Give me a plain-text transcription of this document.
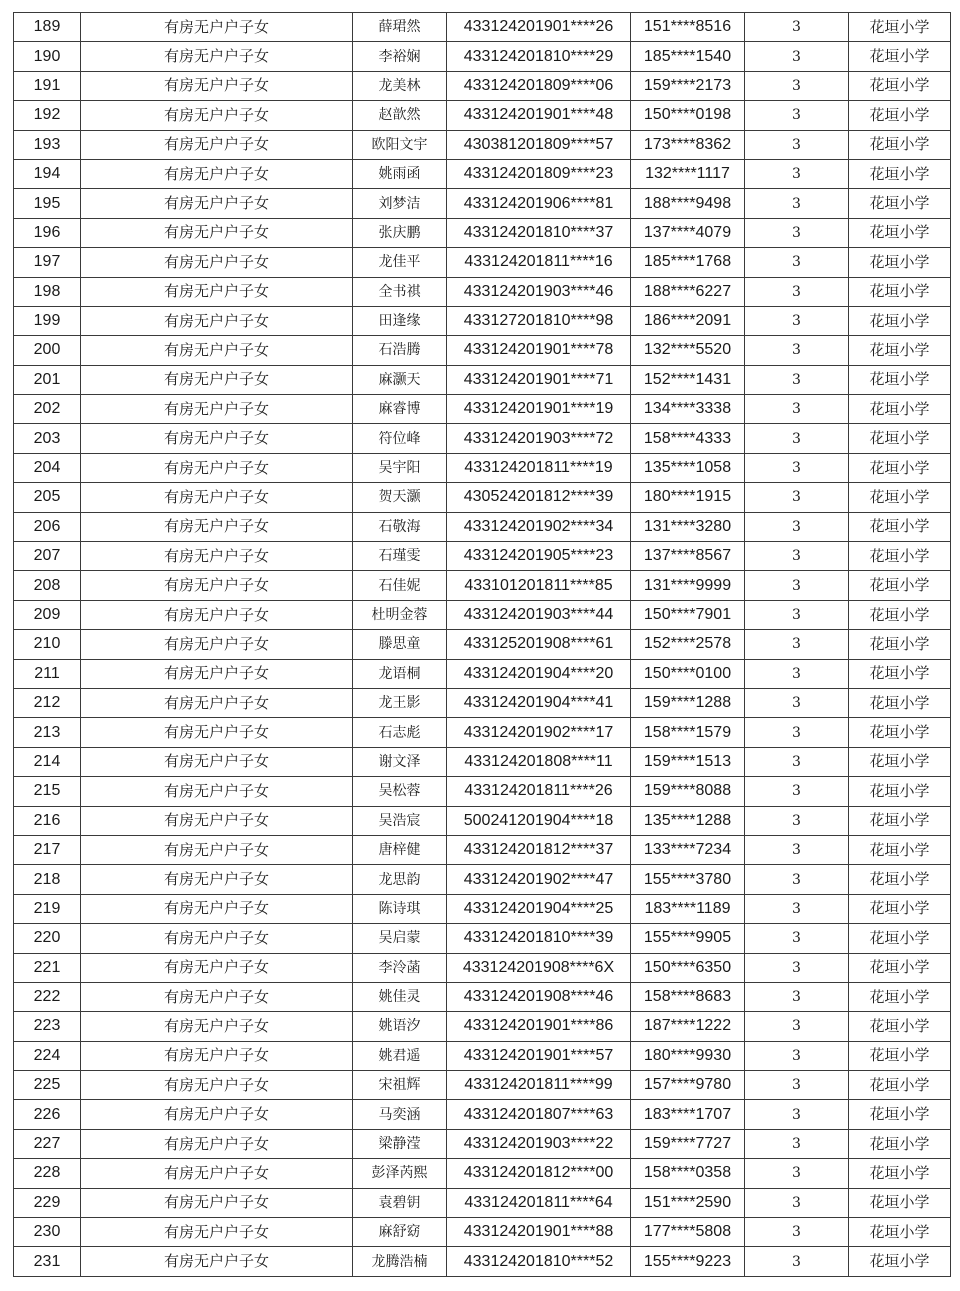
189	有房无户户子女	薛珺然	433124201901****26	151****8516	3	花垣小学
190	有房无户户子女	李裕娴	433124201810****29	185****1540	3	花垣小学
191	有房无户户子女	龙美林	433124201809****06	159****2173	3	花垣小学
192	有房无户户子女	赵歆然	433124201901****48	150****0198	3	花垣小学
193	有房无户户子女	欧阳文宇	430381201809****57	173****8362	3	花垣小学
194	有房无户户子女	姚雨函	433124201809****23	132****1117	3	花垣小学
195	有房无户户子女	刘梦洁	433124201906****81	188****9498	3	花垣小学
196	有房无户户子女	张庆鹏	433124201810****37	137****4079	3	花垣小学
197	有房无户户子女	龙佳平	433124201811****16	185****1768	3	花垣小学
198	有房无户户子女	全书祺	433124201903****46	188****6227	3	花垣小学
199	有房无户户子女	田逢缘	433127201810****98	186****2091	3	花垣小学
200	有房无户户子女	石浩腾	433124201901****78	132****5520	3	花垣小学
201	有房无户户子女	麻灏天	433124201901****71	152****1431	3	花垣小学
202	有房无户户子女	麻睿博	433124201901****19	134****3338	3	花垣小学
203	有房无户户子女	符位峰	433124201903****72	158****4333	3	花垣小学
204	有房无户户子女	吴宇阳	433124201811****19	135****1058	3	花垣小学
205	有房无户户子女	贺天灏	430524201812****39	180****1915	3	花垣小学
206	有房无户户子女	石敬海	433124201902****34	131****3280	3	花垣小学
207	有房无户户子女	石瑾雯	433124201905****23	137****8567	3	花垣小学
208	有房无户户子女	石佳妮	433101201811****85	131****9999	3	花垣小学
209	有房无户户子女	杜明金蓉	433124201903****44	150****7901	3	花垣小学
210	有房无户户子女	滕思童	433125201908****61	152****2578	3	花垣小学
211	有房无户户子女	龙语桐	433124201904****20	150****0100	3	花垣小学
212	有房无户户子女	龙王影	433124201904****41	159****1288	3	花垣小学
213	有房无户户子女	石志彪	433124201902****17	158****1579	3	花垣小学
214	有房无户户子女	谢文泽	433124201808****11	159****1513	3	花垣小学
215	有房无户户子女	吴松蓉	433124201811****26	159****8088	3	花垣小学
216	有房无户户子女	吴浩宸	500241201904****18	135****1288	3	花垣小学
217	有房无户户子女	唐梓健	433124201812****37	133****7234	3	花垣小学
218	有房无户户子女	龙思韵	433124201902****47	155****3780	3	花垣小学
219	有房无户户子女	陈诗琪	433124201904****25	183****1189	3	花垣小学
220	有房无户户子女	吴启蒙	433124201810****39	155****9905	3	花垣小学
221	有房无户户子女	李泠菡	433124201908****6X	150****6350	3	花垣小学
222	有房无户户子女	姚佳灵	433124201908****46	158****8683	3	花垣小学
223	有房无户户子女	姚语汐	433124201901****86	187****1222	3	花垣小学
224	有房无户户子女	姚君遥	433124201901****57	180****9930	3	花垣小学
225	有房无户户子女	宋祖辉	433124201811****99	157****9780	3	花垣小学
226	有房无户户子女	马奕涵	433124201807****63	183****1707	3	花垣小学
227	有房无户户子女	梁静滢	433124201903****22	159****7727	3	花垣小学
228	有房无户户子女	彭泽芮熙	433124201812****00	158****0358	3	花垣小学
229	有房无户户子女	袁碧钥	433124201811****64	151****2590	3	花垣小学
230	有房无户户子女	麻舒窈	433124201901****88	177****5808	3	花垣小学
231	有房无户户子女	龙腾浩楠	433124201810****52	155****9223	3	花垣小学
